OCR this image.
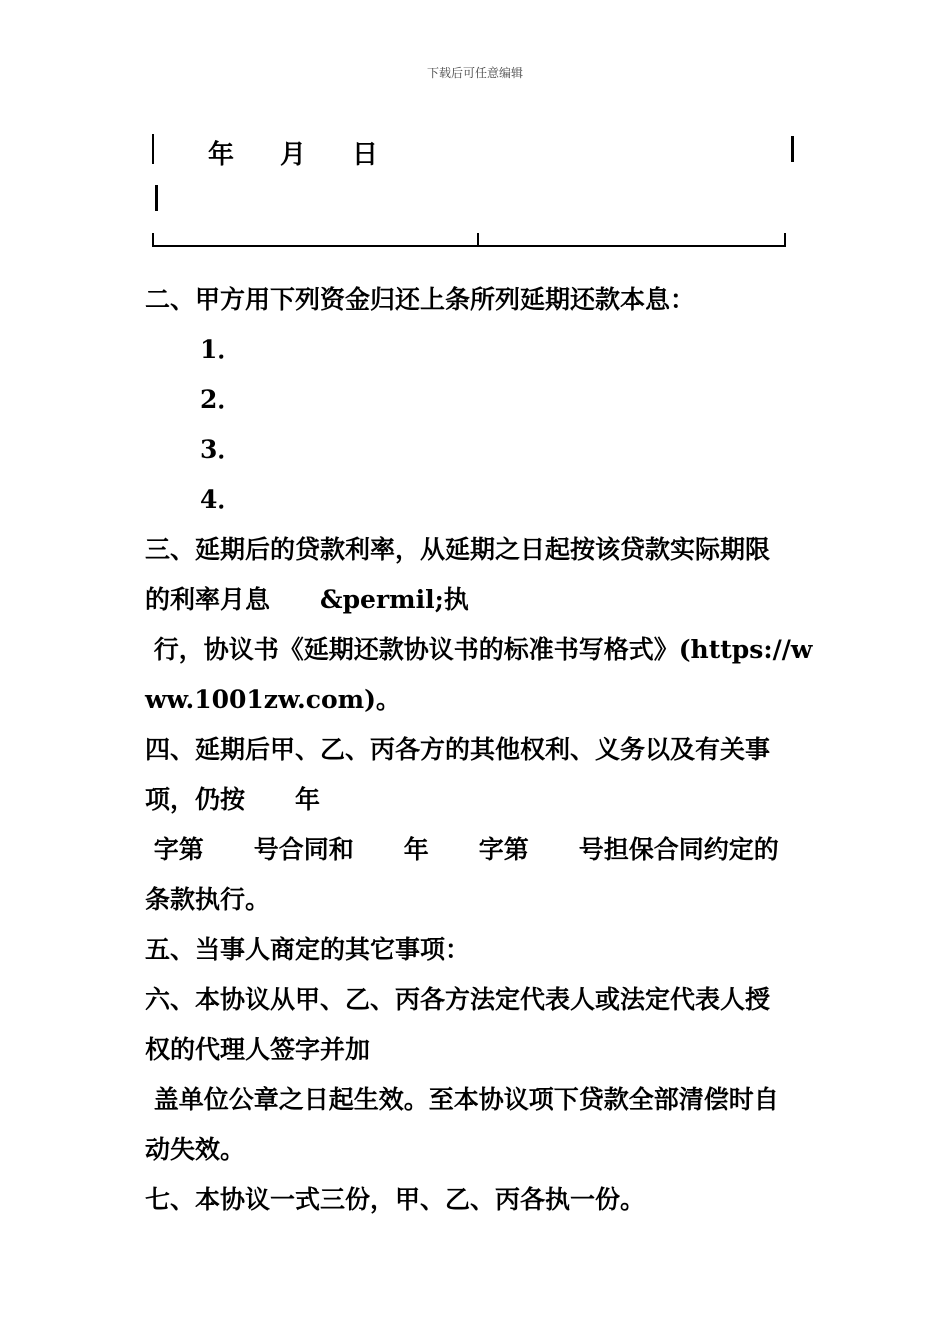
下载后可任意编辑
年 月 日
二、甲方用下列资金归还上条所列延期还款本息：
1．
2．
3．
4．
三、延期后的贷款利率，从延期之日起按该贷款实际期限
的利率月息　　&permil;执
行，协议书《延期还款协议书的标准书写格式》(https://w
ww.1001zw.com)。
四、延期后甲、乙、丙各方的其他权利、义务以及有关事
项，仍按　　年
字第　　号合同和　　年　　字第　　号担保合同约定的
条款执行。
五、当事人商定的其它事项：
六、本协议从甲、乙、丙各方法定代表人或法定代表人授
权的代理人签字并加
盖单位公章之日起生效。至本协议项下贷款全部清偿时自
动失效。
七、本协议一式三份，甲、乙、丙各执一份。
